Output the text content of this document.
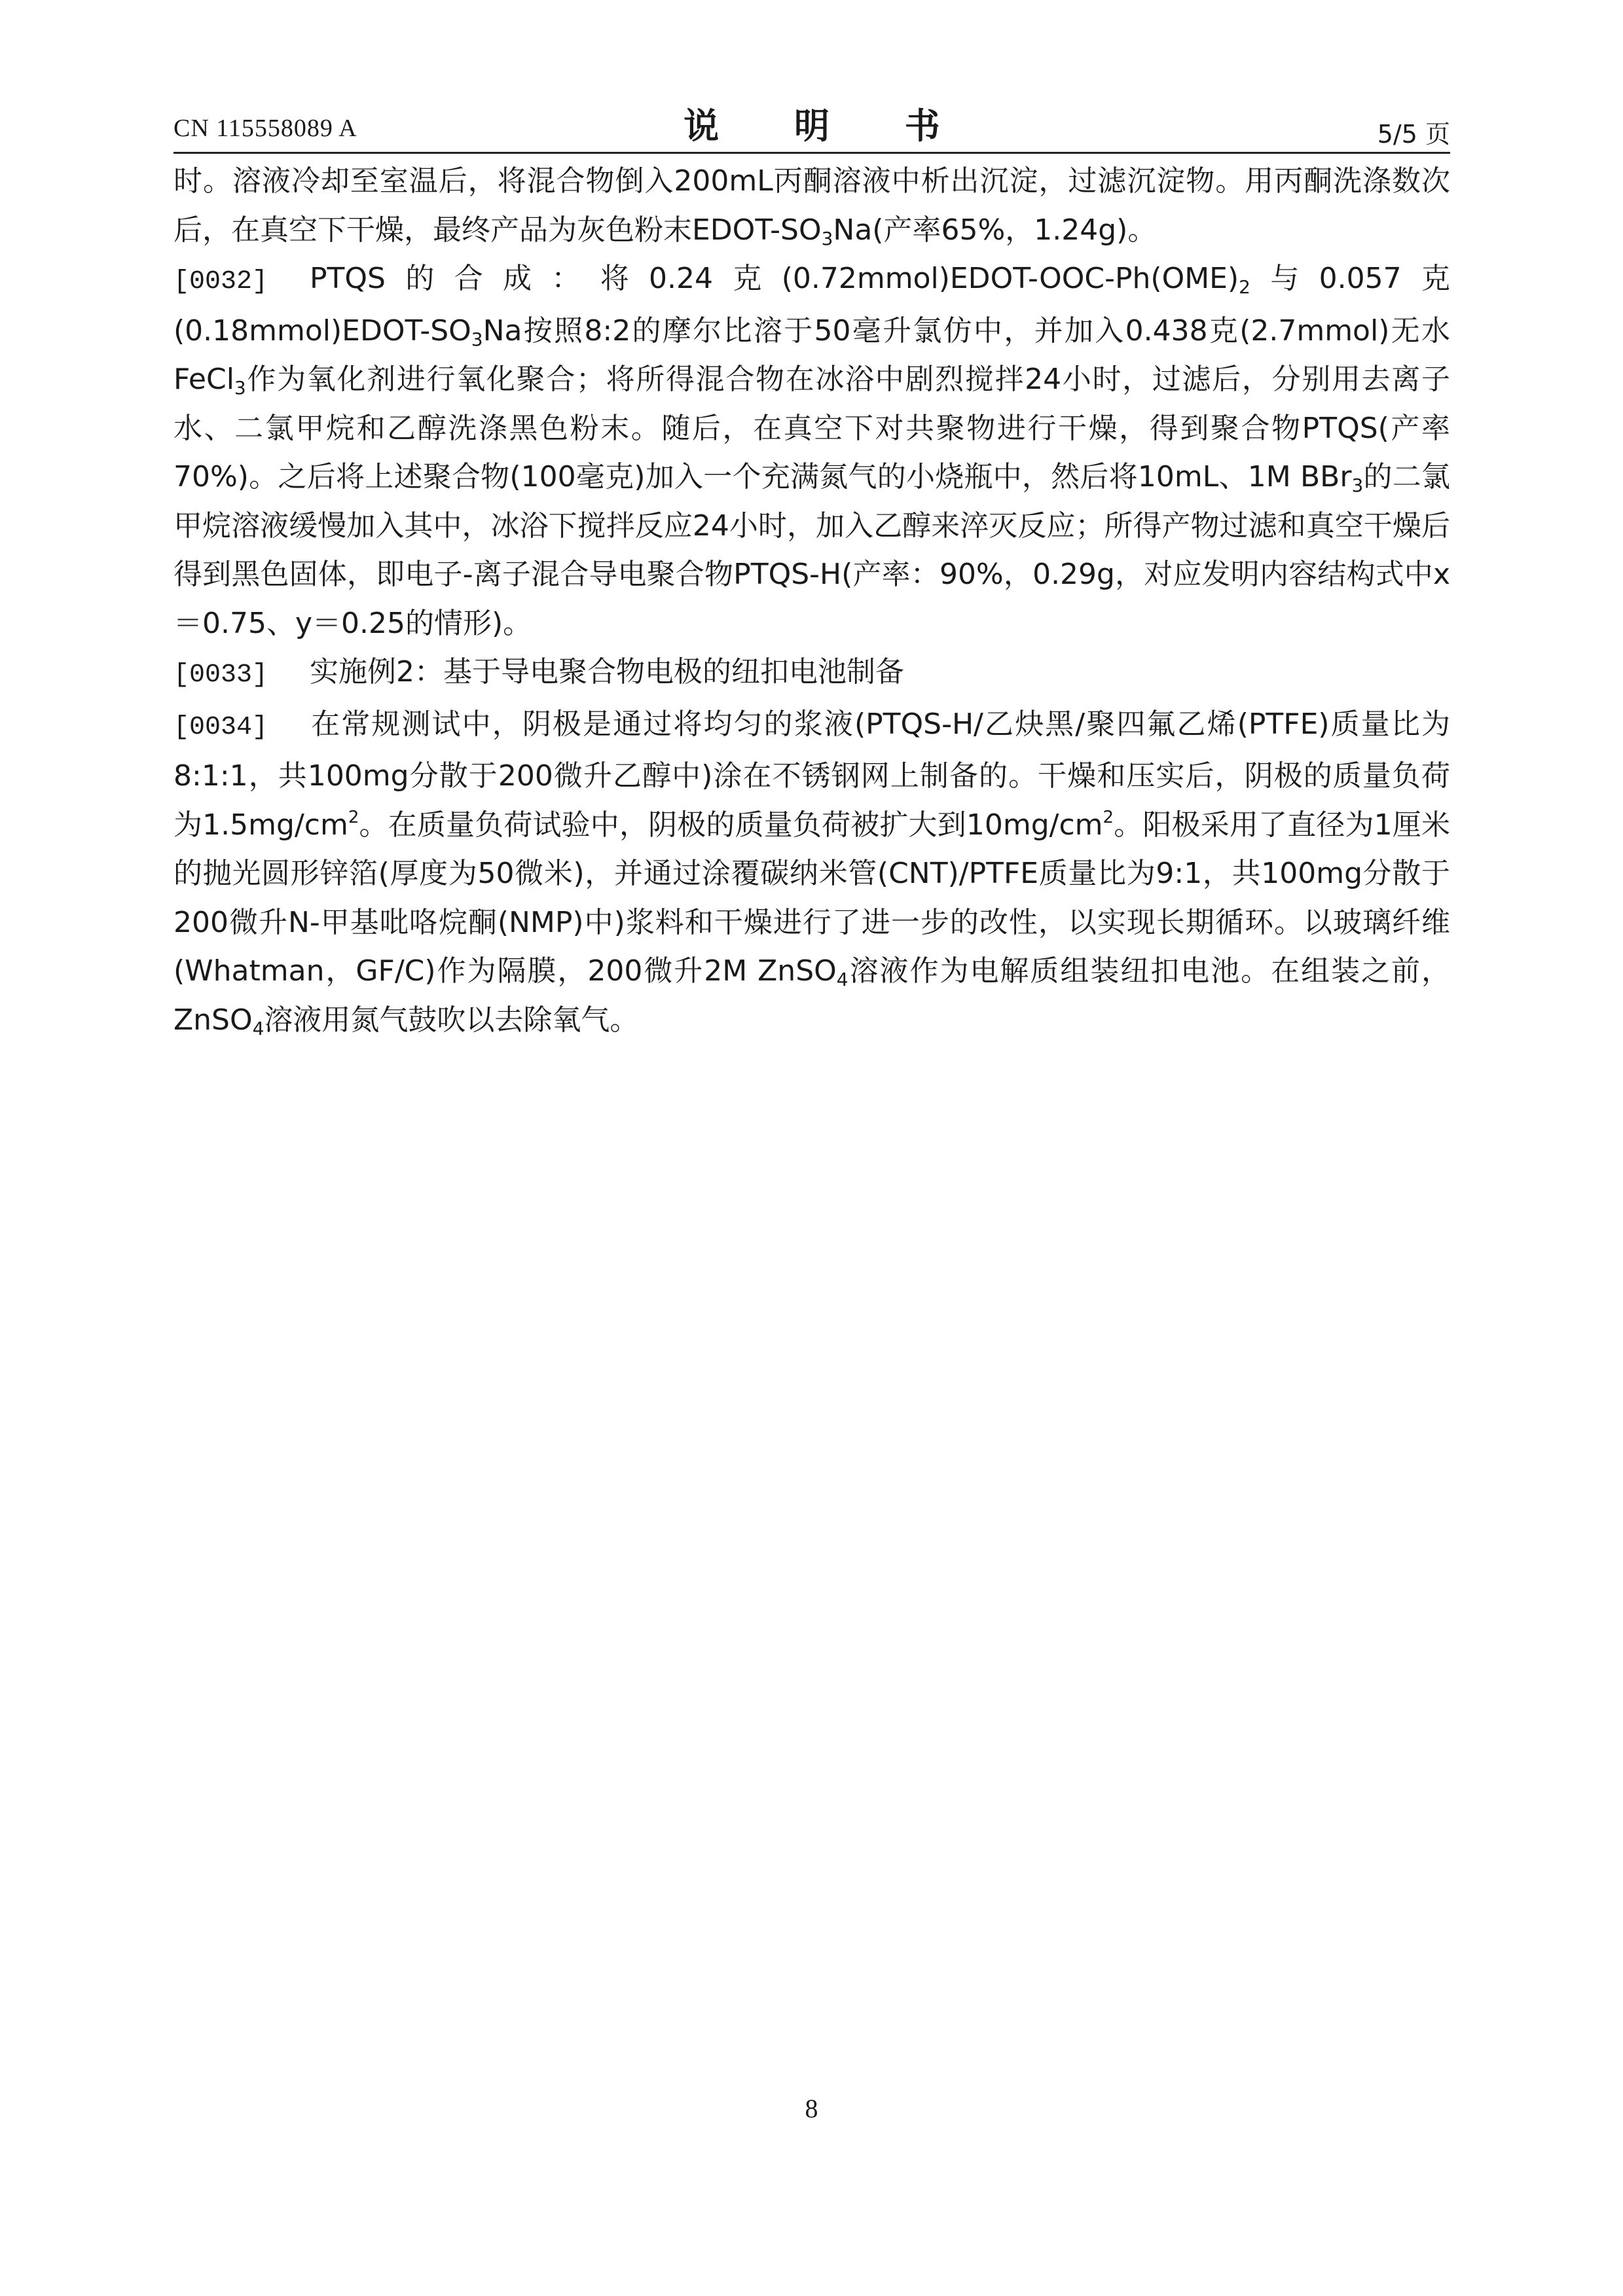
CN 115558089 A	说 明 书	5/5 页

时。溶液冷却至室温后，将混合物倒入200mL丙酮溶液中析出沉淀，过滤沉淀物。用丙酮洗涤数次后，在真空下干燥，最终产品为灰色粉末EDOT-$SO_3Na$(产率65%，1.24g)。

[0032] PTQS的合成：将0.24克$(0.72mmol)EDOT-OOC-Ph(OME)_2$与0.057克$(0.18mmol)EDOT-SO_3Na$按照8:2的摩尔比溶于50毫升氯仿中，并加入0.438克(2.7mmol)无水FeCl$_3$作为氧化剂进行氧化聚合；将所得混合物在冰浴中剧烈搅拌24小时，过滤后，分别用去离子水、二氯甲烷和乙醇洗涤黑色粉末。随后，在真空下对共聚物进行干燥，得到聚合物PTQS(产率70%)。之后将上述聚合物(100毫克)加入一个充满氮气的小烧瓶中，然后将10mL、1M BBr$_3$的二氯甲烷溶液缓慢加入其中，冰浴下搅拌反应24小时，加入乙醇来淬灭反应；所得产物过滤和真空干燥后得到黑色固体，即电子-离子混合导电聚合物PTQS-H(产率：90%，0.29g，对应发明内容结构式中x＝0.75、y＝0.25的情形)。

[0033] 实施例2：基于导电聚合物电极的纽扣电池制备

[0034] 在常规测试中，阴极是通过将均匀的浆液(PTQS-H/乙炔黑/聚四氟乙烯(PTFE)质量比为8:1:1，共100mg分散于200微升乙醇中)涂在不锈钢网上制备的。干燥和压实后，阴极的质量负荷为$1.5mg/cm^2$。在质量负荷试验中，阴极的质量负荷被扩大到$10mg/cm^2$。阳极采用了直径为1厘米的抛光圆形锌箔(厚度为50微米)，并通过涂覆碳纳米管(CNT)/PTFE质量比为9:1，共100mg分散于200微升N-甲基吡咯烷酮(NMP)中)浆料和干燥进行了进一步的改性，以实现长期循环。以玻璃纤维(Whatman，GF/C)作为隔膜，200微升2M ZnSO$_4$溶液作为电解质组装纽扣电池。在组装之前，ZnSO$_4$溶液用氮气鼓吹以去除氧气。

8
